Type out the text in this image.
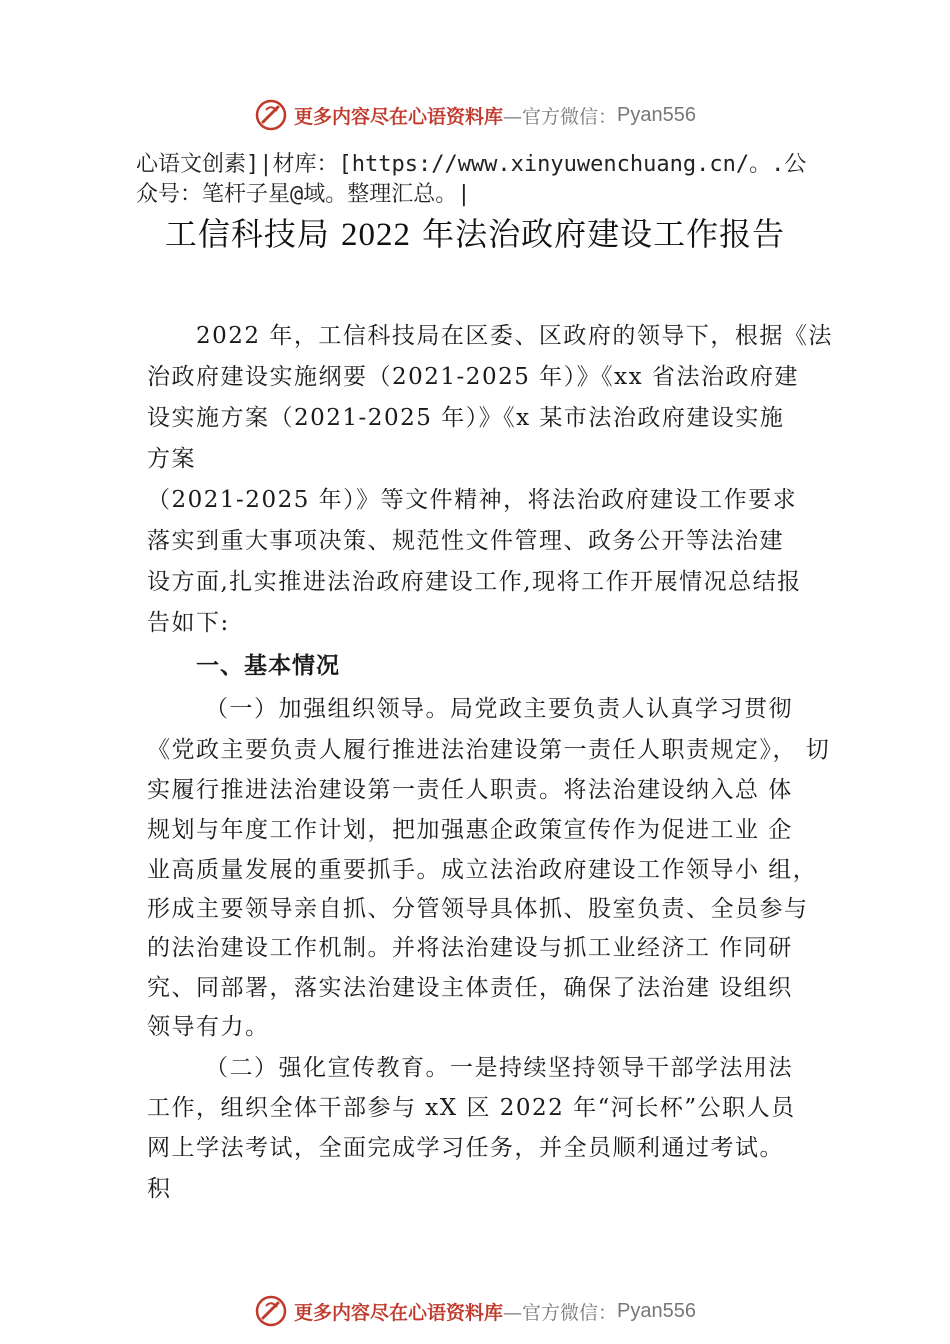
更多内容尽在心语资料库 —官方微信： Pyan556
心语文创素]|材库：[https://www.xinyuwenchuang.cn/。.公
众号：笔杆子星@域。整理汇总。|
工信科技局 2022 年法治政府建设工作报告
2022 年，工信科技局在区委、区政府的领导下，根据《法
治政府建设实施纲要（2021-2025 年）》《xx 省法治政府建
设实施方案（2021-2025 年）》《x 某市法治政府建设实施
方案
（2021-2025 年）》等文件精神，将法治政府建设工作要求
落实到重大事项决策、规范性文件管理、政务公开等法治建
设方面,扎实推进法治政府建设工作,现将工作开展情况总结报
告如下:
一、基本情况
（一）加强组织领导。局党政主要负责人认真学习贯彻
《党政主要负责人履行推进法治建设第一责任人职责规定》， 切
实履行推进法治建设第一责任人职责。将法治建设纳入总 体
规划与年度工作计划，把加强惠企政策宣传作为促进工业 企
业高质量发展的重要抓手。成立法治政府建设工作领导小 组，
形成主要领导亲自抓、分管领导具体抓、股室负责、全员参与
的法治建设工作机制。并将法治建设与抓工业经济工 作同研
究、同部署，落实法治建设主体责任，确保了法治建 设组织
领导有力。
（二）强化宣传教育。一是持续坚持领导干部学法用法
工作，组织全体干部参与 xX 区 2022 年“河长杯”公职人员
网上学法考试，全面完成学习任务，并全员顺利通过考试。
积
更多内容尽在心语资料库 —官方微信： Pyan556
